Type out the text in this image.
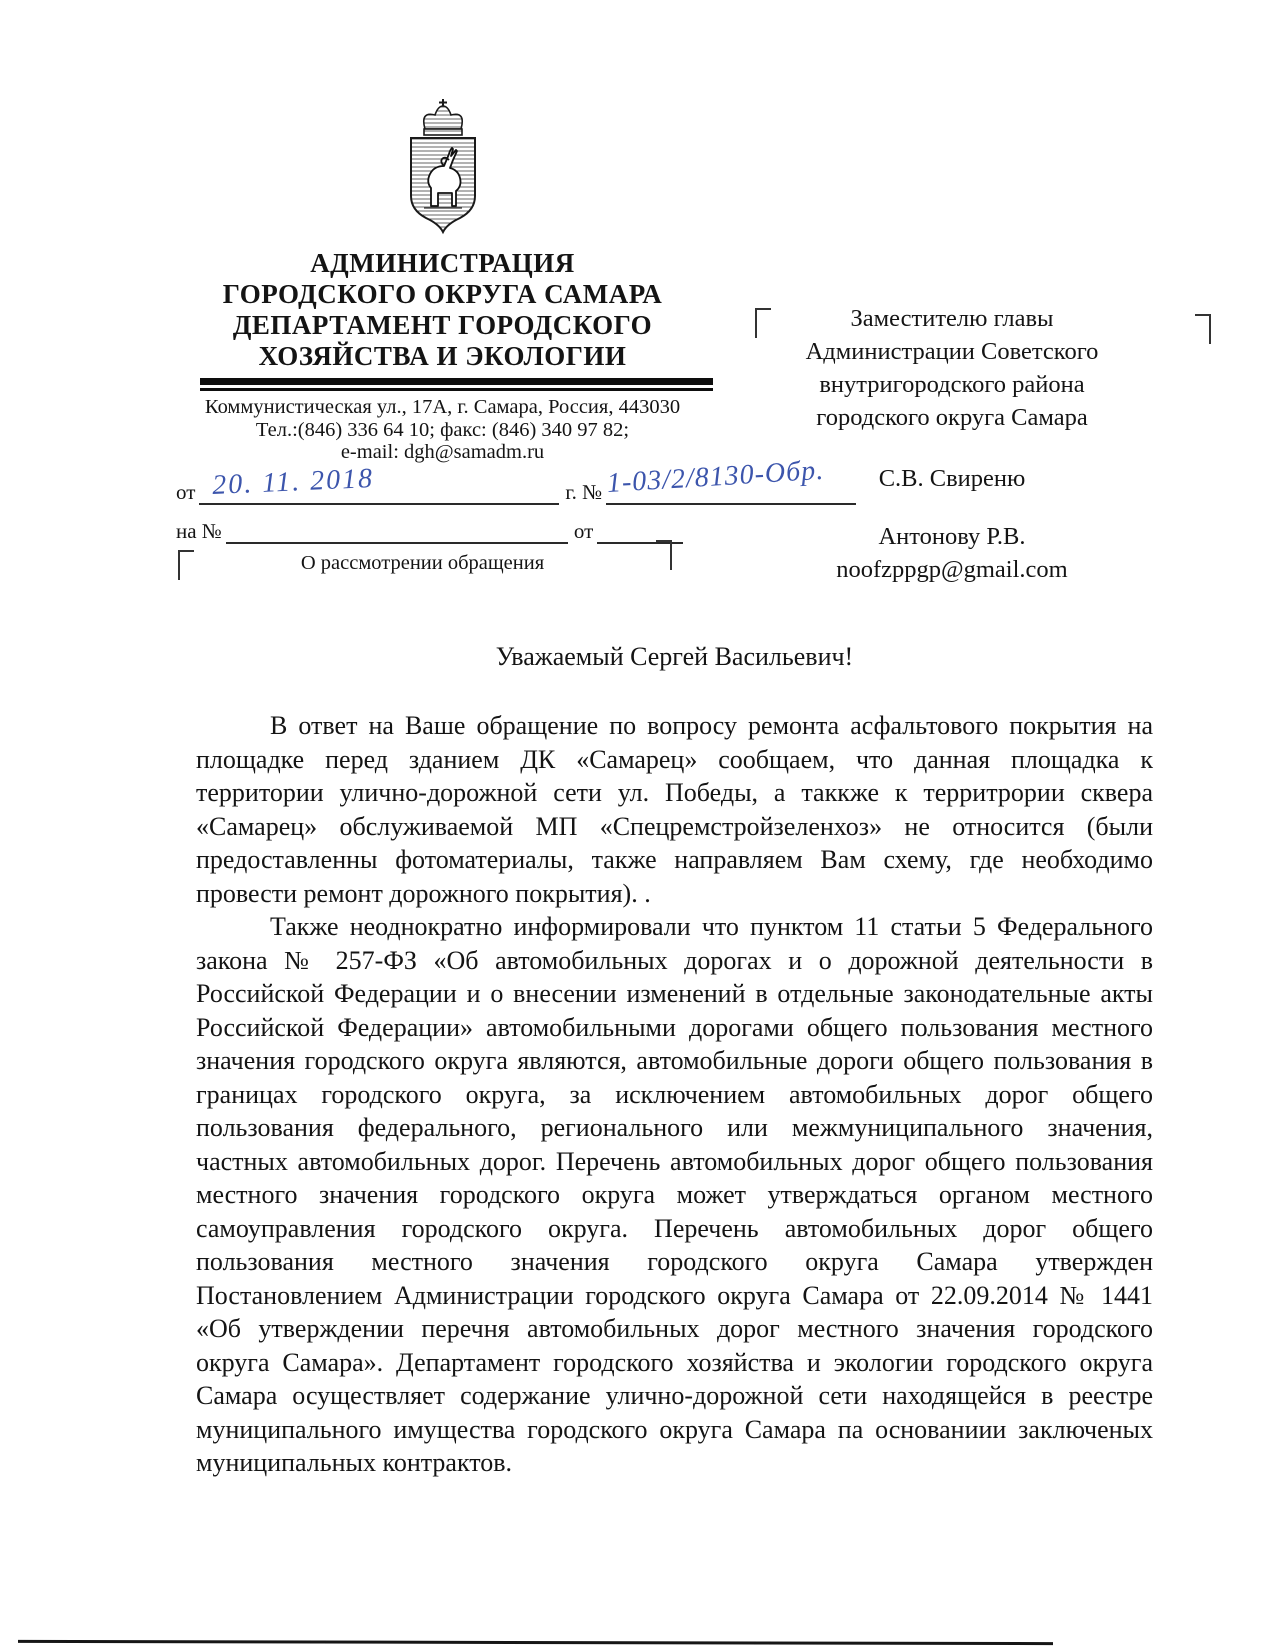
АДМИНИСТРАЦИЯ
ГОРОДСКОГО ОКРУГА САМАРА
ДЕПАРТАМЕНТ ГОРОДСКОГО
ХОЗЯЙСТВА И ЭКОЛОГИИ
Коммунистическая ул., 17А, г. Самара, Россия, 443030
Тел.:(846) 336 64 10; факс: (846) 340 97 82;
e-mail: dgh@samadm.ru
от 20. 11. 2018	г. № 1-03/2/8130-Обр.
на №	от
О рассмотрении обращения
Заместителю главы
Администрации Советского
внутригородского района
городского округа Самара
С.В. Свиреню
Антонову Р.В.
noofzppgp@gmail.com
Уважаемый Сергей Васильевич!

В ответ на Ваше обращение по вопросу ремонта асфальтового покрытия на площадке перед зданием ДК «Самарец» сообщаем, что данная площадка к территории улично-дорожной сети ул. Победы, а таккже к территрории сквера «Самарец» обслуживаемой МП «Спецремстройзеленхоз» не относится (были предоставленны фотоматериалы, также направляем Вам схему, где необходимо провести ремонт дорожного покрытия). .

Также неоднократно информировали что пунктом 11 статьи 5 Федерального закона № 257-ФЗ «Об автомобильных дорогах и о дорожной деятельности в Российской Федерации и о внесении изменений в отдельные законодательные акты Российской Федерации» автомобильными дорогами общего пользования местного значения городского округа являются, автомобильные дороги общего пользования в границах городского округа, за исключением автомобильных дорог общего пользования федерального, регионального или межмуниципального значения, частных автомобильных дорог. Перечень автомобильных дорог общего пользования местного значения городского округа может утверждаться органом местного самоуправления городского округа. Перечень автомобильных дорог общего пользования местного значения городского округа Самара утвержден Постановлением Администрации городского округа Самара от 22.09.2014 № 1441 «Об утверждении перечня автомобильных дорог местного значения городского округа Самара». Департамент городского хозяйства и экологии городского округа Самара осуществляет содержание улично-дорожной сети находящейся в реестре муниципального имущества городского округа Самара па основаниии заключеных муниципальных контрактов.
